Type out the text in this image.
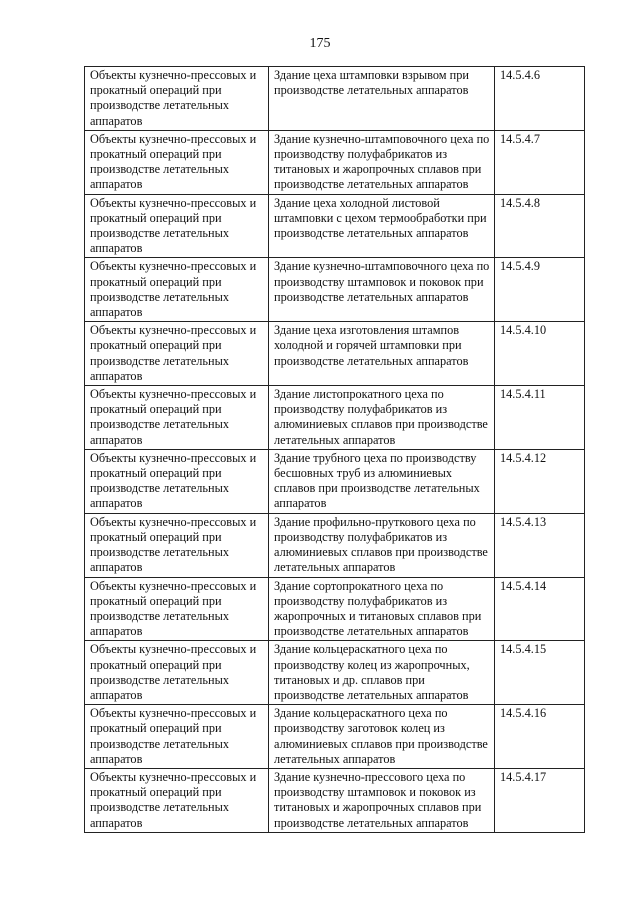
175
Объекты кузнечно-прессовых и прокатный операций при производстве летательных аппаратов	Здание цеха штамповки взрывом при производстве летательных аппаратов	14.5.4.6
Объекты кузнечно-прессовых и прокатный операций при производстве летательных аппаратов	Здание кузнечно-штамповочного цеха по производству полуфабрикатов из титановых и жаропрочных сплавов при производстве летательных аппаратов	14.5.4.7
Объекты кузнечно-прессовых и прокатный операций при производстве летательных аппаратов	Здание цеха холодной листовой штамповки с цехом термообработки при производстве летательных аппаратов	14.5.4.8
Объекты кузнечно-прессовых и прокатный операций при производстве летательных аппаратов	Здание кузнечно-штамповочного цеха по производству штамповок и поковок при производстве летательных аппаратов	14.5.4.9
Объекты кузнечно-прессовых и прокатный операций при производстве летательных аппаратов	Здание цеха изготовления штампов холодной и горячей штамповки при производстве летательных аппаратов	14.5.4.10
Объекты кузнечно-прессовых и прокатный операций при производстве летательных аппаратов	Здание листопрокатного цеха по производству полуфабрикатов из алюминиевых сплавов при производстве летательных аппаратов	14.5.4.11
Объекты кузнечно-прессовых и прокатный операций при производстве летательных аппаратов	Здание трубного цеха по производству бесшовных труб из алюминиевых сплавов при производстве летательных аппаратов	14.5.4.12
Объекты кузнечно-прессовых и прокатный операций при производстве летательных аппаратов	Здание профильно-пруткового цеха по производству полуфабрикатов из алюминиевых сплавов при производстве летательных аппаратов	14.5.4.13
Объекты кузнечно-прессовых и прокатный операций при производстве летательных аппаратов	Здание сортопрокатного цеха по производству полуфабрикатов из жаропрочных и титановых сплавов при производстве летательных аппаратов	14.5.4.14
Объекты кузнечно-прессовых и прокатный операций при производстве летательных аппаратов	Здание кольцераскатного цеха по производству колец из жаропрочных, титановых и др. сплавов при производстве летательных аппаратов	14.5.4.15
Объекты кузнечно-прессовых и прокатный операций при производстве летательных аппаратов	Здание кольцераскатного цеха по производству заготовок колец из алюминиевых сплавов при производстве летательных аппаратов	14.5.4.16
Объекты кузнечно-прессовых и прокатный операций при производстве летательных аппаратов	Здание кузнечно-прессового цеха по производству штамповок и поковок из титановых и жаропрочных сплавов при производстве летательных аппаратов	14.5.4.17
